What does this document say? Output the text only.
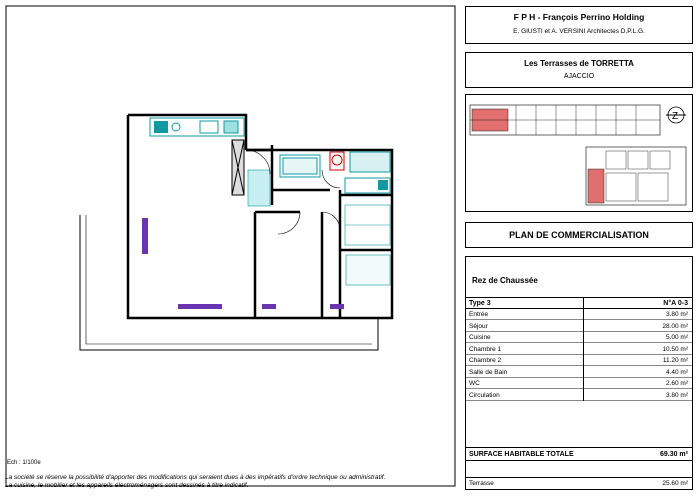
Ech : 1/100e
La société se réserve la possibilité d'apporter des modifications qui seraient dues à des impératifs d'ordre technique ou administratif.
La cuisine, le mobilier et les appareils électroménagers sont dessinés à titre indicatif.
F P H - François Perrino Holding
E. GIUSTI et A. VERSINI Architectes D.P.L.G.
Les Terrasses de TORRETTA
AJACCIO
Z
PLAN DE COMMERCIALISATION
Rez de Chaussée
Type 3	N°A 0-3
Entrée	3.80 m²
Séjour	28.00 m²
Cuisine	5.00 m²
Chambre 1	10.50 m²
Chambre 2	11.20 m²
Salle de Bain	4.40 m²
WC	2.60 m²
Circulation	3.80 m²
SURFACE HABITABLE TOTALE	69.30 m²
Terrasse	25.60 m²
